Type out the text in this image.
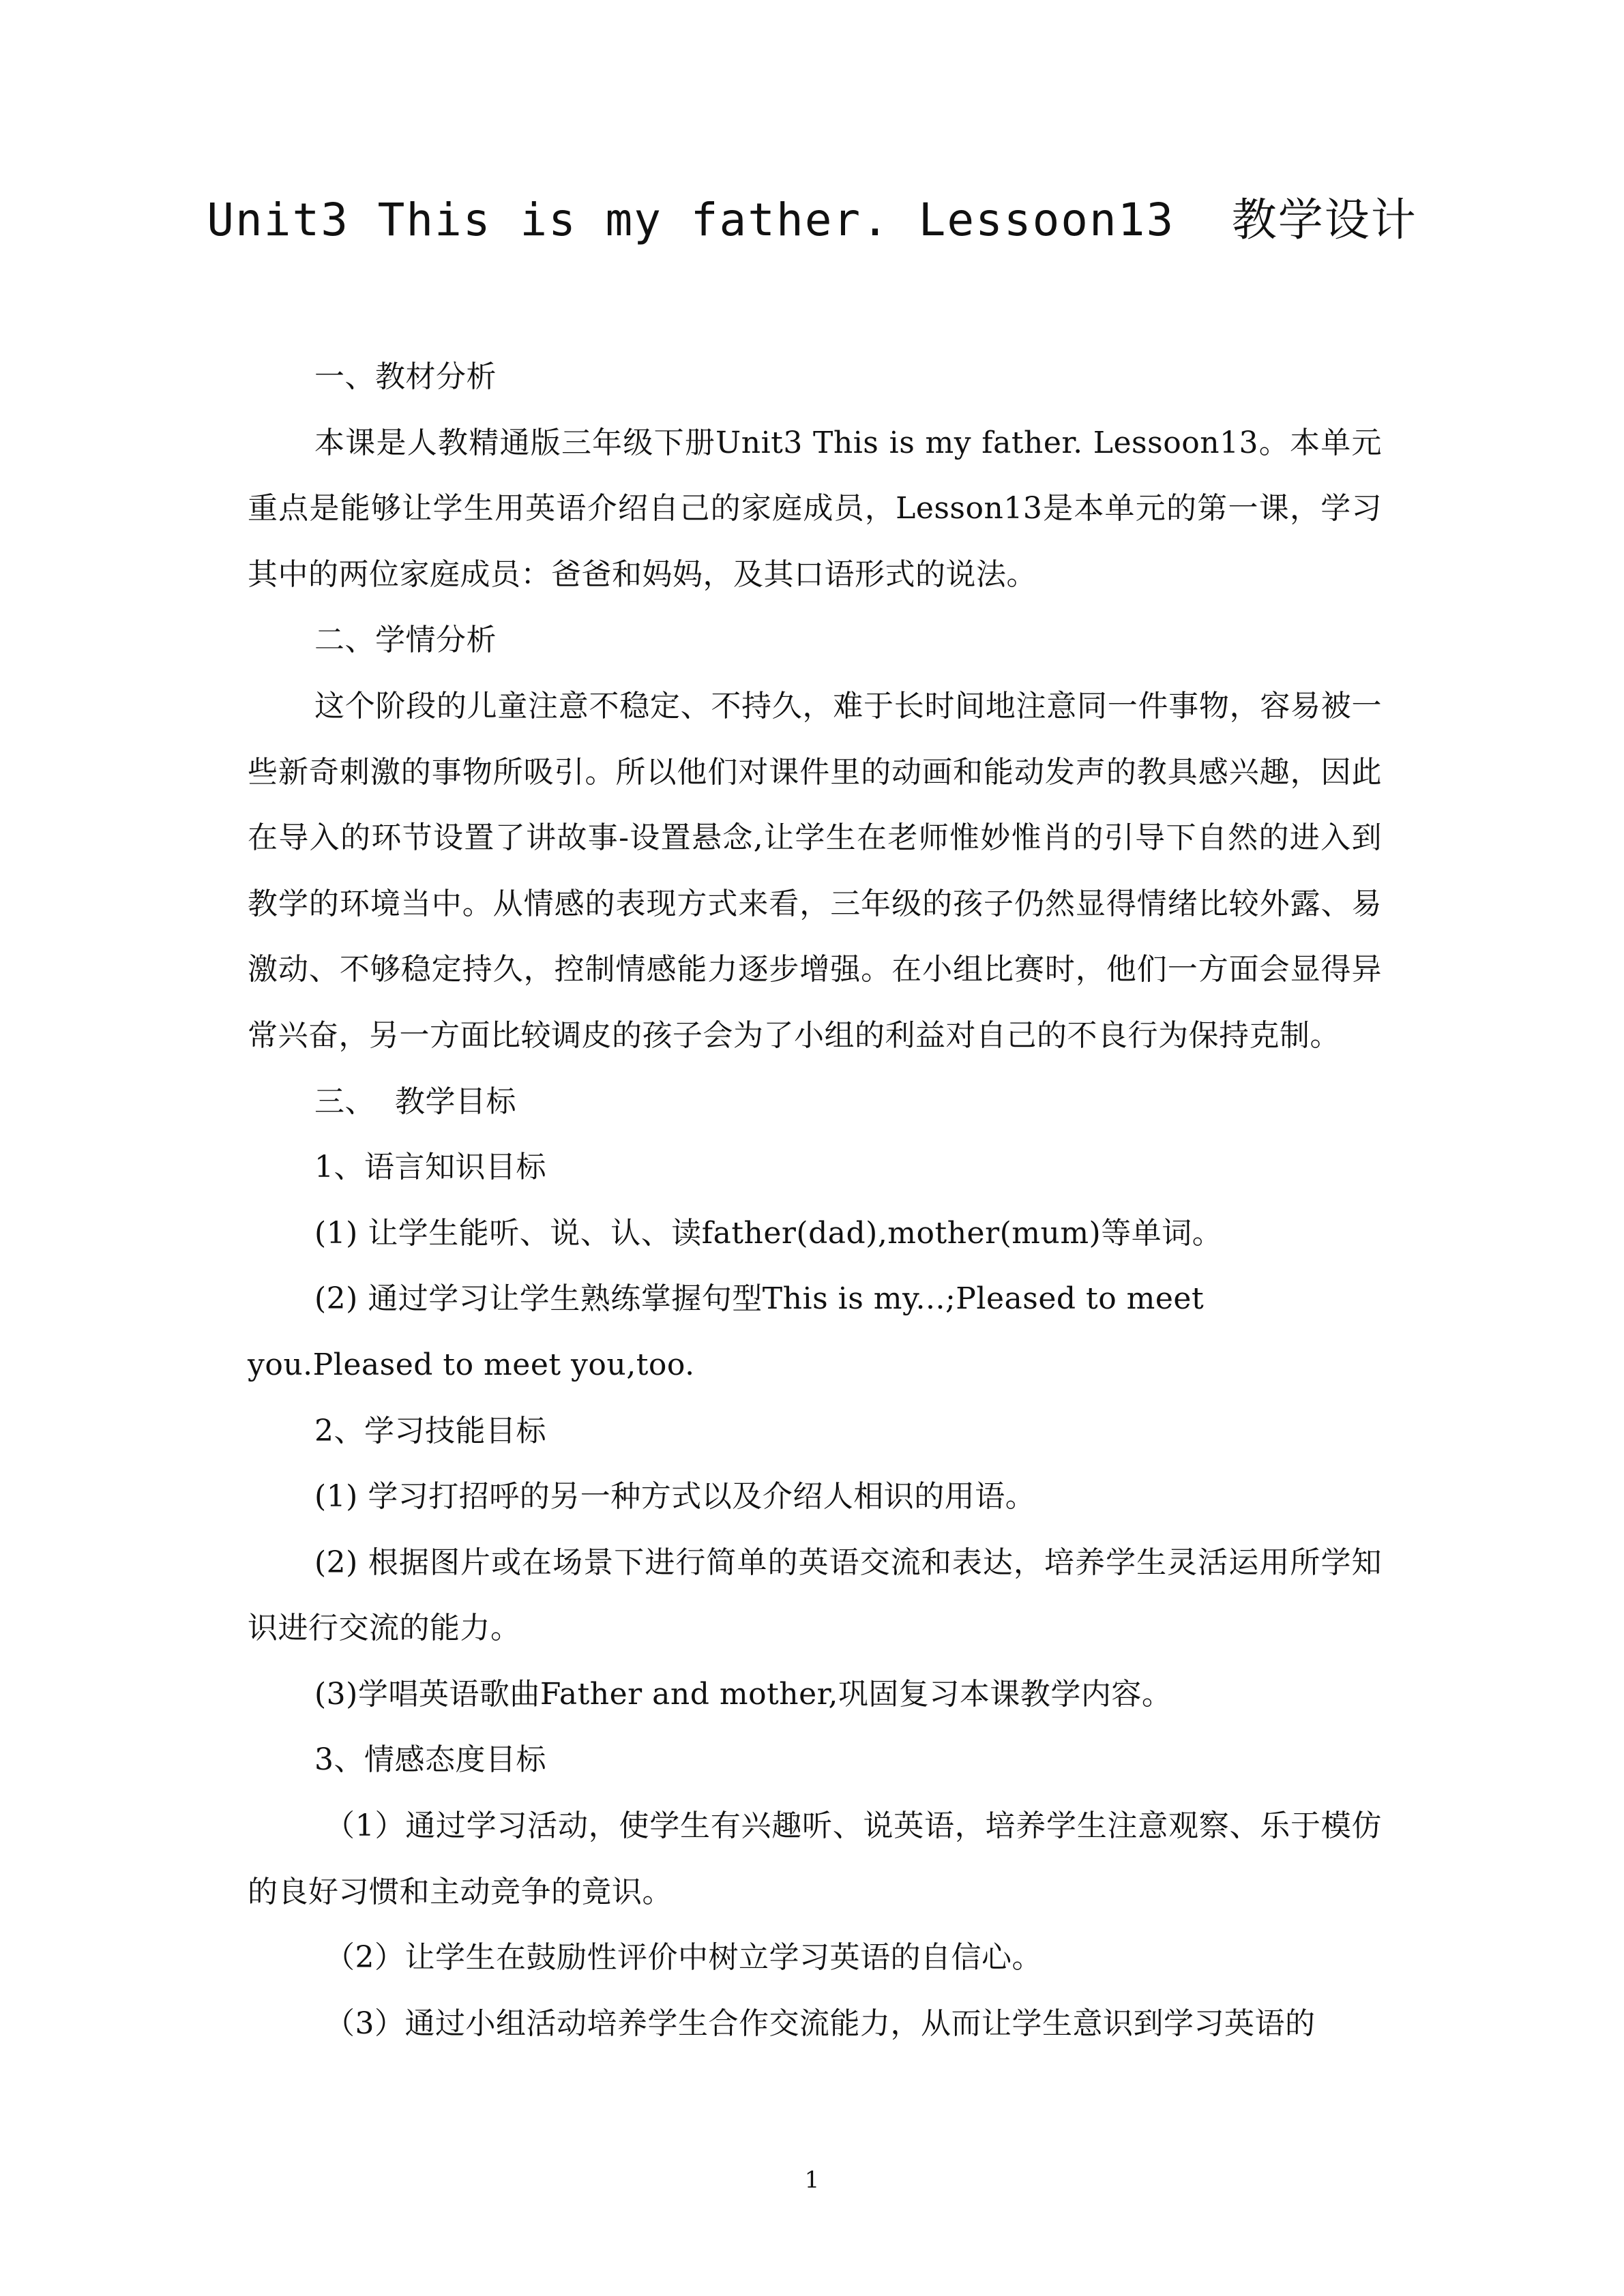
Unit3 This is my father. Lessoon13  教学设计

一、教材分析

本课是人教精通版三年级下册Unit3 This is my father. Lessoon13。本单元重点是能够让学生用英语介绍自己的家庭成员，Lesson13是本单元的第一课，学习其中的两位家庭成员：爸爸和妈妈，及其口语形式的说法。

二、学情分析

这个阶段的儿童注意不稳定、不持久，难于长时间地注意同一件事物，容易被一些新奇刺激的事物所吸引。所以他们对课件里的动画和能动发声的教具感兴趣，因此在导入的环节设置了讲故事-设置悬念,让学生在老师惟妙惟肖的引导下自然的进入到教学的环境当中。从情感的表现方式来看，三年级的孩子仍然显得情绪比较外露、易激动、不够稳定持久，控制情感能力逐步增强。在小组比赛时，他们一方面会显得异常兴奋，另一方面比较调皮的孩子会为了小组的利益对自己的不良行为保持克制。

三、  教学目标

1、语言知识目标

(1) 让学生能听、说、认、读father(dad),mother(mum)等单词。

(2) 通过学习让学生熟练掌握句型This is my...;Pleased to meet

you.Pleased to meet you,too.

2、学习技能目标

(1) 学习打招呼的另一种方式以及介绍人相识的用语。

(2) 根据图片或在场景下进行简单的英语交流和表达，培养学生灵活运用所学知识进行交流的能力。

(3)学唱英语歌曲Father and mother,巩固复习本课教学内容。

3、情感态度目标

（1）通过学习活动，使学生有兴趣听、说英语，培养学生注意观察、乐于模仿的良好习惯和主动竞争的竟识。

（2）让学生在鼓励性评价中树立学习英语的自信心。

（3）通过小组活动培养学生合作交流能力，从而让学生意识到学习英语的

1
